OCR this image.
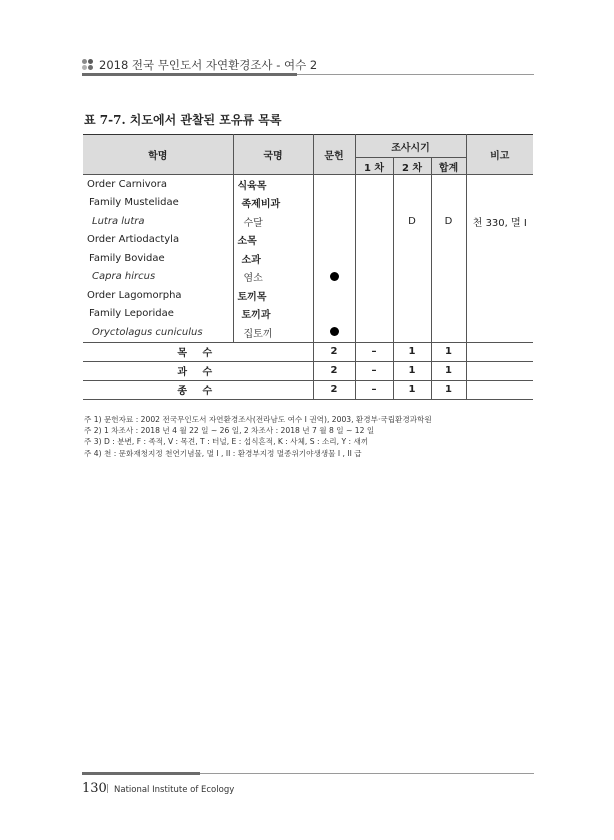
2018 전국 무인도서 자연환경조사 - 여수 2
표 7-7. 치도에서 관찰된 포유류 목록
학명	국명	문헌	조사시기			비고
			1 차	2 차	합계	
Order Carnivora	식육목					
Family Mustelidae	족제비과					
Lutra lutra	수달			D	D	천 330, 멸 I
Order Artiodactyla	소목					
Family Bovidae	소과					
Capra hircus	염소					
Order Lagomorpha	토끼목					
Family Leporidae	토끼과					
Oryctolagus cuniculus	집토끼					
목 수		2	–	1	1	
과 수		2	–	1	1	
종 수		2	–	1	1	
주 1) 문헌자료 : 2002 전국무인도서 자연환경조사(전라남도 여수 I 권역), 2003, 환경부·국립환경과학원
주 2) 1 차조사 : 2018 년 4 월 22 일 ~ 26 일, 2 차조사 : 2018 년 7 월 8 일 ~ 12 일
주 3) D : 분변, F : 족적, V : 목견, T : 터널, E : 섭식흔적, K : 사체, S : 소리, Y : 새끼
주 4) 천 : 문화재청지정 천연기념물, 멸 I , II : 환경부지정 멸종위기야생생물 I , II 급
130 | National Institute of Ecology
